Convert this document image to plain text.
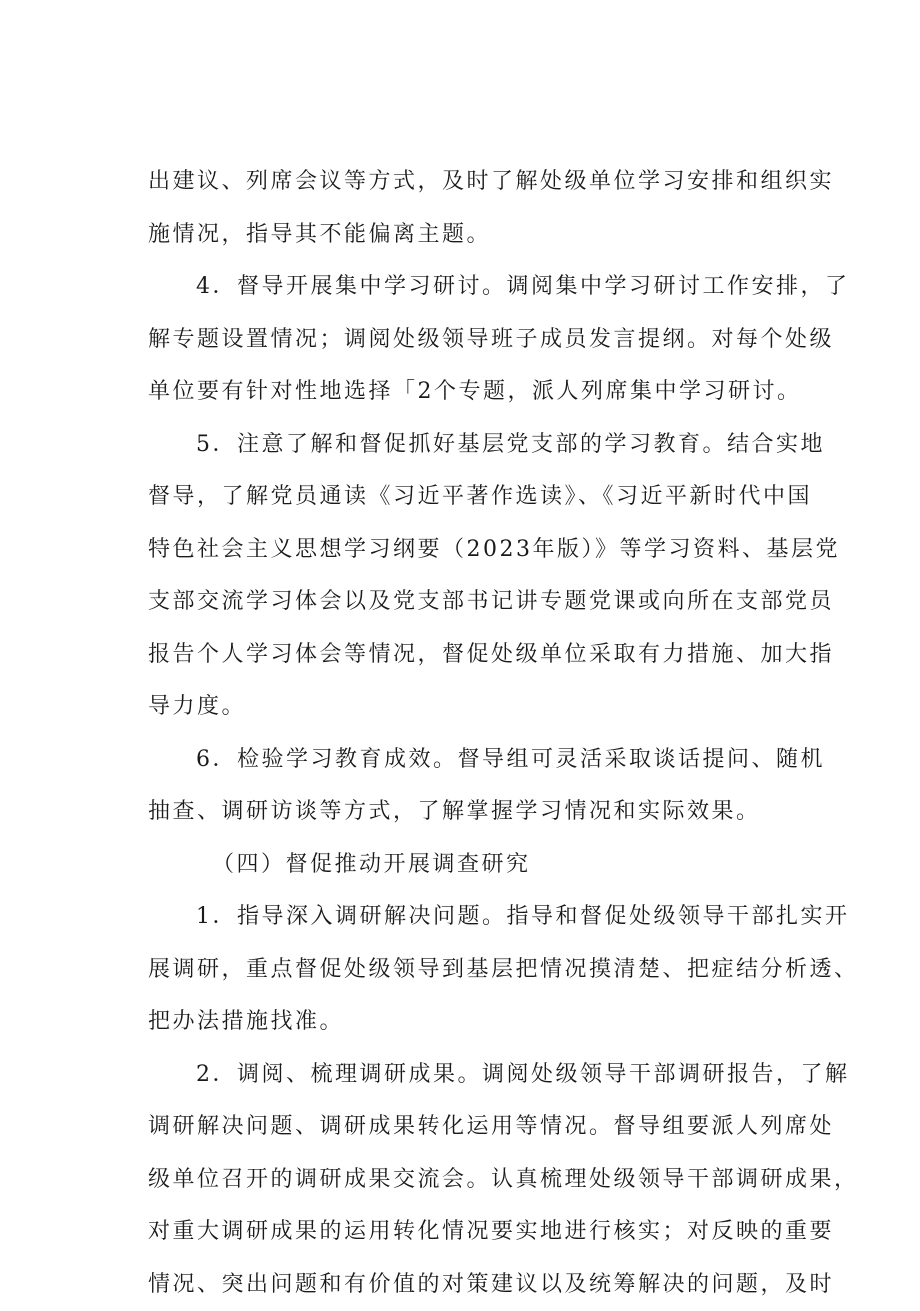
出建议、列席会议等方式，及时了解处级单位学习安排和组织实
施情况，指导其不能偏离主题。
4．督导开展集中学习研讨。调阅集中学习研讨工作安排，了
解专题设置情况；调阅处级领导班子成员发言提纲。对每个处级
单位要有针对性地选择「2个专题，派人列席集中学习研讨。
5．注意了解和督促抓好基层党支部的学习教育。结合实地
督导，了解党员通读《习近平著作选读》、《习近平新时代中国
特色社会主义思想学习纲要（2023年版）》等学习资料、基层党
支部交流学习体会以及党支部书记讲专题党课或向所在支部党员
报告个人学习体会等情况，督促处级单位采取有力措施、加大指
导力度。
6．检验学习教育成效。督导组可灵活采取谈话提问、随机
抽查、调研访谈等方式，了解掌握学习情况和实际效果。
（四）督促推动开展调查研究
1．指导深入调研解决问题。指导和督促处级领导干部扎实开
展调研，重点督促处级领导到基层把情况摸清楚、把症结分析透、
把办法措施找准。
2．调阅、梳理调研成果。调阅处级领导干部调研报告，了解
调研解决问题、调研成果转化运用等情况。督导组要派人列席处
级单位召开的调研成果交流会。认真梳理处级领导干部调研成果，
对重大调研成果的运用转化情况要实地进行核实；对反映的重要
情况、突出问题和有价值的对策建议以及统筹解决的问题，及时
